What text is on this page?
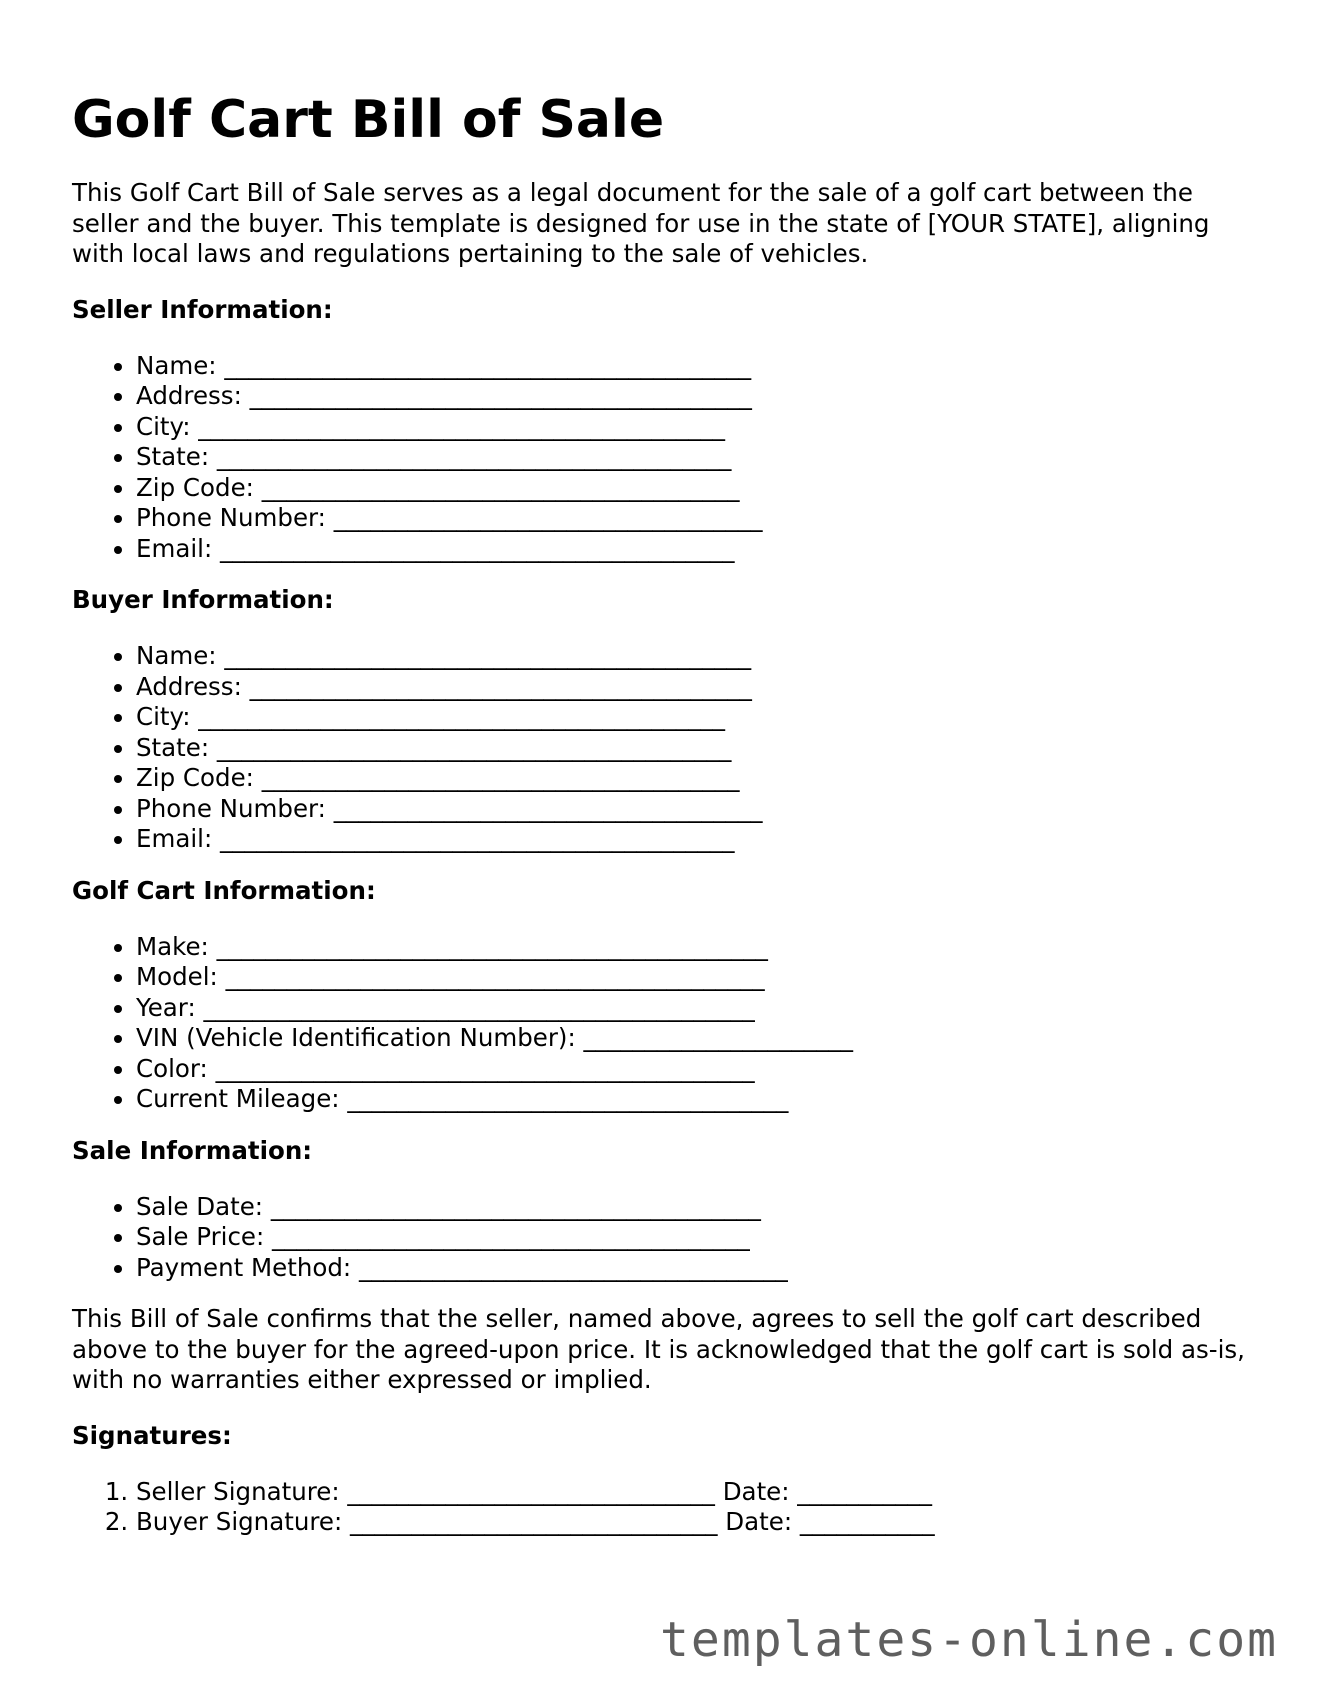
Golf Cart Bill of Sale

This Golf Cart Bill of Sale serves as a legal document for the sale of a golf cart between the seller and the buyer. This template is designed for use in the state of [YOUR STATE], aligning with local laws and regulations pertaining to the sale of vehicles.

Seller Information:
• Name: ___________________________________________
• Address: _________________________________________
• City: ___________________________________________
• State: __________________________________________
• Zip Code: _______________________________________
• Phone Number: ___________________________________
• Email: __________________________________________
Buyer Information:
• Name: ___________________________________________
• Address: _________________________________________
• City: ___________________________________________
• State: __________________________________________
• Zip Code: _______________________________________
• Phone Number: ___________________________________
• Email: __________________________________________
Golf Cart Information:
• Make: _____________________________________________
• Model: ____________________________________________
• Year: _____________________________________________
• VIN (Vehicle Identification Number): ______________________
• Color: ____________________________________________
• Current Mileage: ____________________________________
Sale Information:
• Sale Date: ________________________________________
• Sale Price: _______________________________________
• Payment Method: ___________________________________

This Bill of Sale confirms that the seller, named above, agrees to sell the golf cart described above to the buyer for the agreed-upon price. It is acknowledged that the golf cart is sold as-is, with no warranties either expressed or implied.

Signatures:
1. Seller Signature: ______________________________ Date: ___________
2. Buyer Signature: ______________________________ Date: ___________
templates-online.com
